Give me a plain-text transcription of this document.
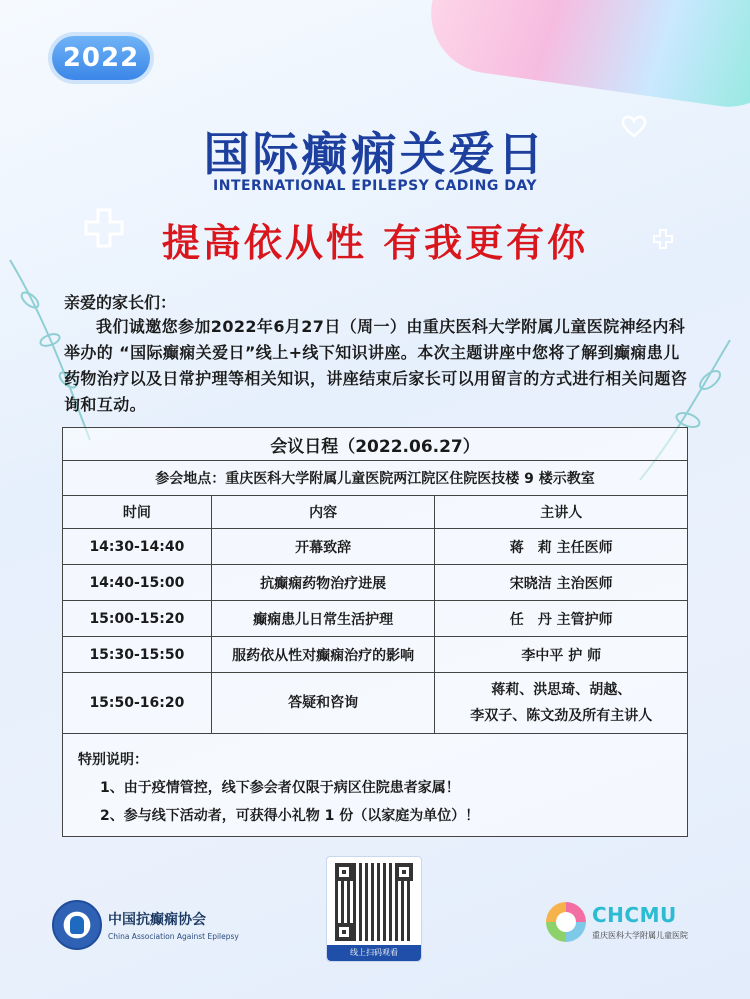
2022
国际癫痫关爱日
INTERNATIONAL EPILEPSY CADING DAY
提高依从性 有我更有你
亲爱的家长们：
我们诚邀您参加2022年6月27日（周一）由重庆医科大学附属儿童医院神经内科举办的 “国际癫痫关爱日”线上+线下知识讲座。本次主题讲座中您将了解到癫痫患儿药物治疗以及日常护理等相关知识，讲座结束后家长可以用留言的方式进行相关问题咨询和互动。
会议日程（2022.06.27）		
参会地点：重庆医科大学附属儿童医院两江院区住院医技楼 9 楼示教室		
时间	内容	主讲人
14:30-14:40	开幕致辞	蒋　莉 主任医师
14:40-15:00	抗癫痫药物治疗进展	宋晓洁 主治医师
15:00-15:20	癫痫患儿日常生活护理	任　丹 主管护师
15:30-15:50	服药依从性对癫痫治疗的影响	李中平 护 师
15:50-16:20	答疑和咨询	蒋莉、洪思琦、胡越、
李双子、陈文劲及所有主讲人
特别说明：
1、由于疫情管控，线下参会者仅限于病区住院患者家属！
2、参与线下活动者，可获得小礼物 1 份（以家庭为单位）！
中国抗癫痫协会
China Association Against Epilepsy
线上扫码观看
CHCMU
重庆医科大学附属儿童医院
